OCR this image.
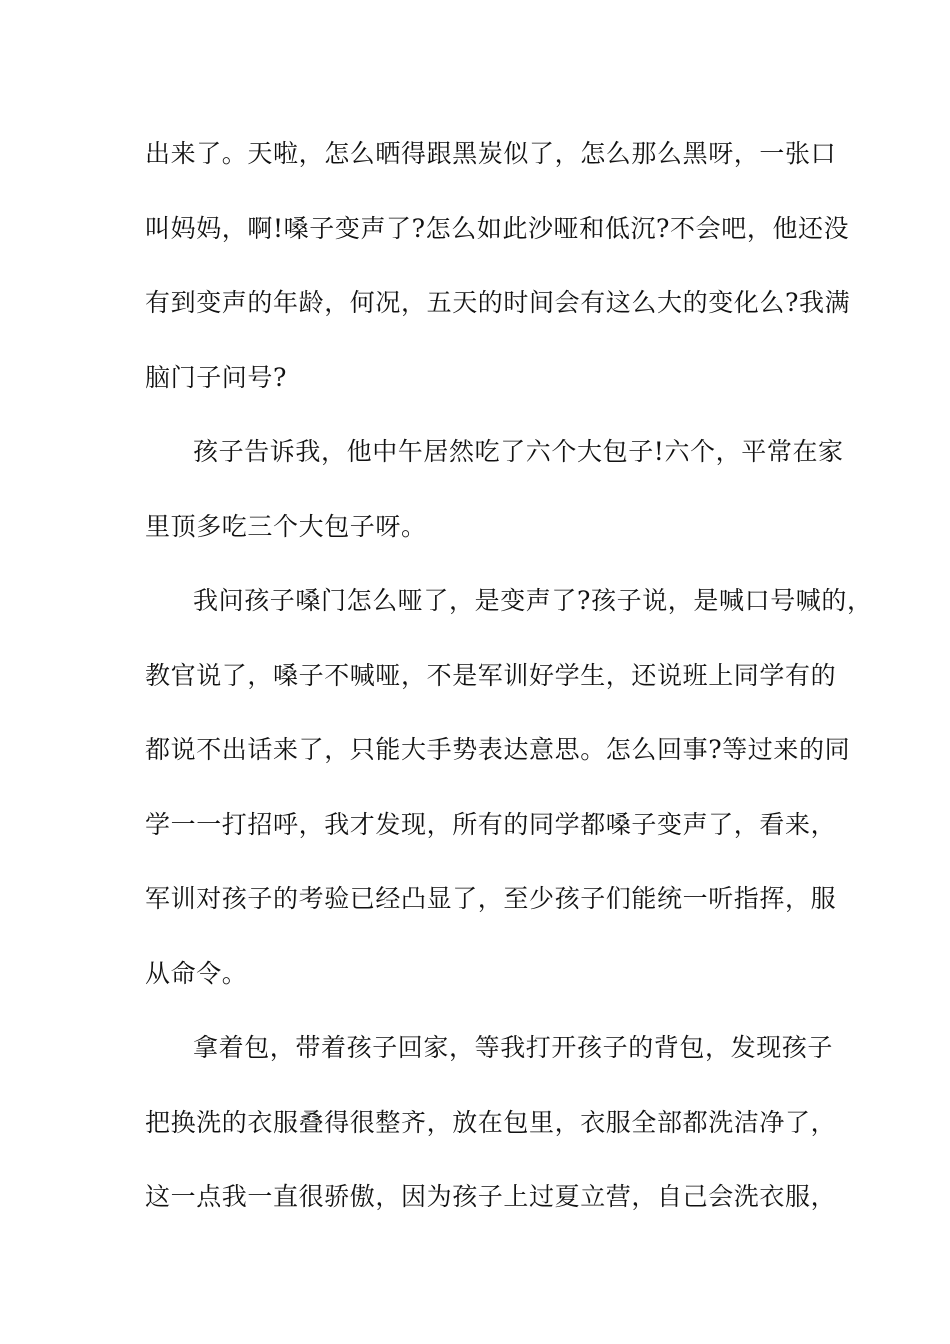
出来了。天啦，怎么晒得跟黑炭似了，怎么那么黑呀，一张口
叫妈妈，啊!嗓子变声了?怎么如此沙哑和低沉?不会吧，他还没
有到变声的年龄，何况，五天的时间会有这么大的变化么?我满
脑门子问号?
孩子告诉我，他中午居然吃了六个大包子!六个，平常在家
里顶多吃三个大包子呀。
我问孩子嗓门怎么哑了，是变声了?孩子说，是喊口号喊的，
教官说了，嗓子不喊哑，不是军训好学生，还说班上同学有的
都说不出话来了，只能大手势表达意思。怎么回事?等过来的同
学一一打招呼，我才发现，所有的同学都嗓子变声了，看来，
军训对孩子的考验已经凸显了，至少孩子们能统一听指挥，服
从命令。
拿着包，带着孩子回家，等我打开孩子的背包，发现孩子
把换洗的衣服叠得很整齐，放在包里，衣服全部都洗洁净了，
这一点我一直很骄傲，因为孩子上过夏立营，自己会洗衣服，
